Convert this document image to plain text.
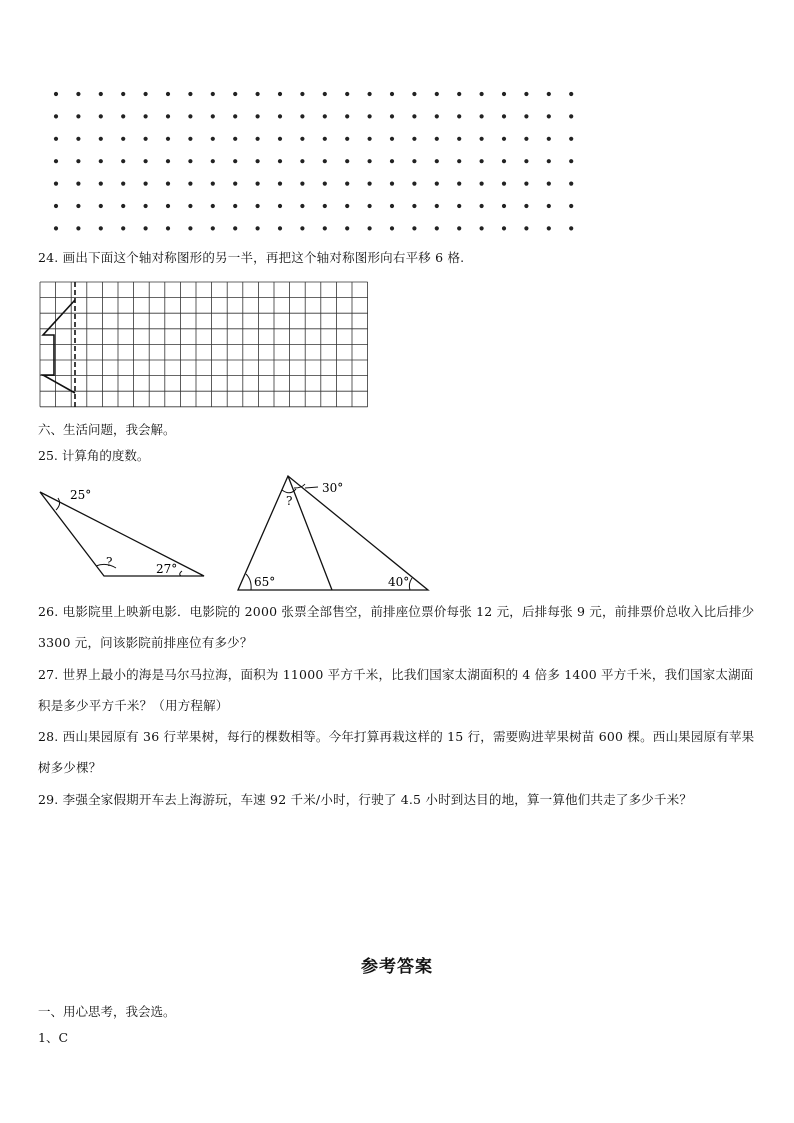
24. 画出下面这个轴对称图形的另一半，再把这个轴对称图形向右平移 6 格.
六、生活问题，我会解。
25. 计算角的度数。
25°
?	27°
30°
?
65°	40°
26. 电影院里上映新电影．电影院的 2000 张票全部售空，前排座位票价每张 12 元，后排每张 9 元，前排票价总收入比后排少 3300 元，问该影院前排座位有多少？
27. 世界上最小的海是马尔马拉海，面积为 11000 平方千米，比我们国家太湖面积的 4 倍多 1400 平方千米，我们国家太湖面积是多少平方千米？（用方程解）
28. 西山果园原有 36 行苹果树，每行的棵数相等。今年打算再栽这样的 15 行，需要购进苹果树苗 600 棵。西山果园原有苹果树多少棵？
29. 李强全家假期开车去上海游玩，车速 92 千米/小时，行驶了 4.5 小时到达目的地，算一算他们共走了多少千米？
参考答案
一、用心思考，我会选。
1、C
